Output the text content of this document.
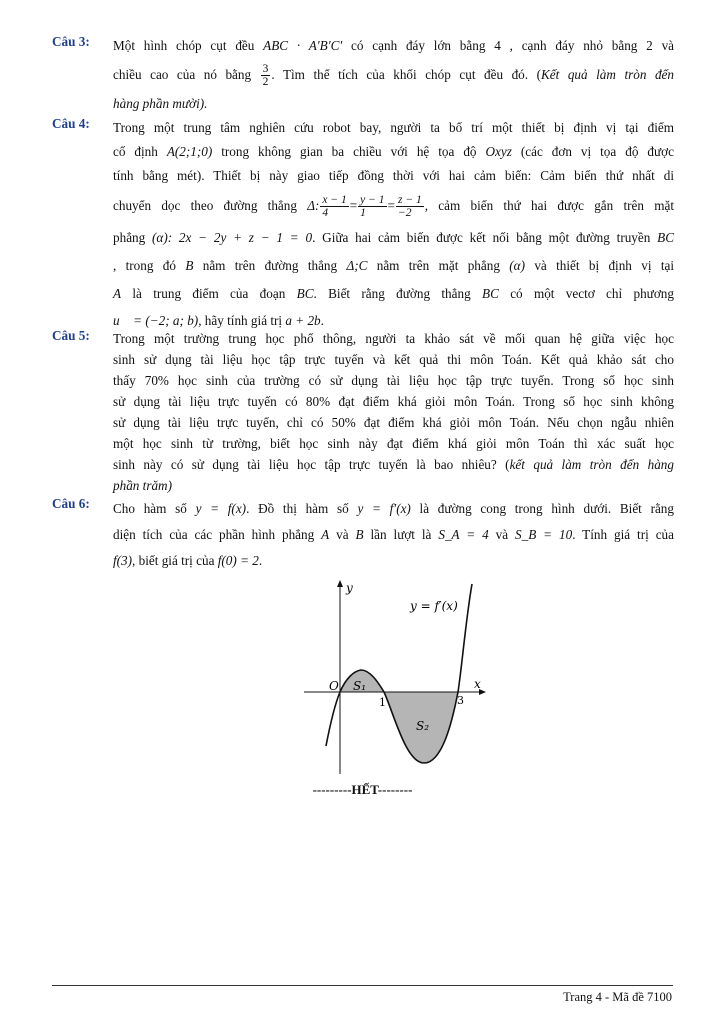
Câu 3: Một hình chóp cụt đều ABC · A′B′C′ có cạnh đáy lớn bằng 4 , cạnh đáy nhỏ bằng 2 và
chiều cao của nó bằng $\frac{3}{2}$ . Tìm thể tích của khối chóp cụt đều đó. (Kết quả làm tròn đến
hàng phần mười).
Câu 4: Trong một trung tâm nghiên cứu robot bay, người ta bố trí một thiết bị định vị tại điểm
cố định A(2;1;0) trong không gian ba chiều với hệ tọa độ Oxyz (các đơn vị tọa độ được
tính bằng mét). Thiết bị này giao tiếp đồng thời với hai cảm biến: Cảm biến thứ nhất di
chuyển dọc theo đường thẳng Δ: $\frac{x - 1}{4} = \frac{y - 1}{1} = \frac{z - 1}{-2}$ , cảm biến thứ hai được gắn trên mặt
phẳng (α): 2x − 2y + z − 1 = 0. Giữa hai cảm biến được kết nối bằng một đường truyền BC
, trong đó B nằm trên đường thẳng Δ;C nằm trên mặt phẳng (α) và thiết bị định vị tại
A là trung điểm của đoạn BC. Biết rằng đường thẳng BC có một vectơ chỉ phương
u⃗ = (−2; a; b), hãy tính giá trị a + 2b.
Câu 5: Trong một trường trung học phổ thông, người ta khảo sát về mối quan hệ giữa việc học
sinh sử dụng tài liệu học tập trực tuyến và kết quả thi môn Toán. Kết quả khảo sát cho
thấy 70% học sinh của trường có sử dụng tài liệu học tập trực tuyến. Trong số học sinh
sử dụng tài liệu trực tuyến có 80% đạt điểm khá giỏi môn Toán. Trong số học sinh không
sử dụng tài liệu trực tuyến, chỉ có 50% đạt điểm khá giỏi môn Toán. Nếu chọn ngẫu nhiên
một học sinh từ trường, biết học sinh này đạt điểm khá giỏi môn Toán thì xác suất học
sinh này có sử dụng tài liệu học tập trực tuyến là bao nhiêu? (kết quả làm tròn đến hàng
phần trăm)
Câu 6: Cho hàm số y = f(x). Đồ thị hàm số y = f′(x) là đường cong trong hình dưới. Biết rằng
diện tích của các phần hình phẳng A và B lần lượt là S_A = 4 và S_B = 10. Tính giá trị của
f(3), biết giá trị của f(0) = 2.
y = f′(x)
y
x
O
1	3
S₁
S₂
---------HẾT--------
Trang 4 - Mã đề 7100
